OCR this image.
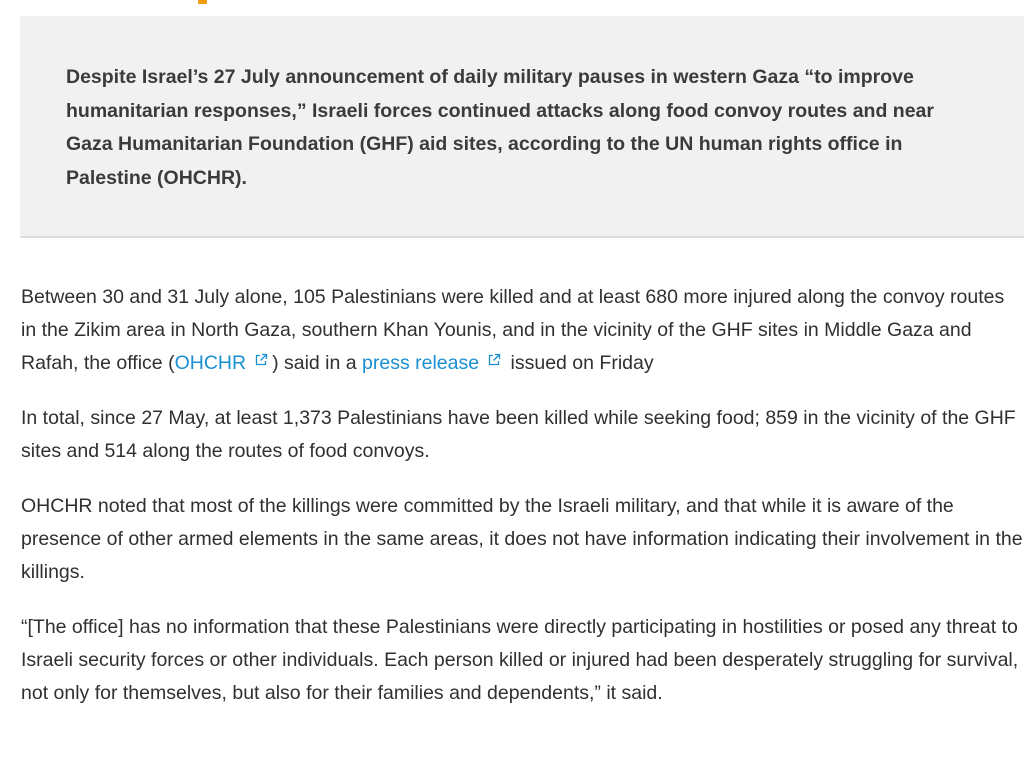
Despite Israel’s 27 July announcement of daily military pauses in western Gaza “to improve humanitarian responses,” Israeli forces continued attacks along food convoy routes and near Gaza Humanitarian Foundation (GHF) aid sites, according to the UN human rights office in Palestine (OHCHR).

Between 30 and 31 July alone, 105 Palestinians were killed and at least 680 more injured along the convoy routes in the Zikim area in North Gaza, southern Khan Younis, and in the vicinity of the GHF sites in Middle Gaza and Rafah, the office (OHCHR ) said in a press release issued on Friday

In total, since 27 May, at least 1,373 Palestinians have been killed while seeking food; 859 in the vicinity of the GHF sites and 514 along the routes of food convoys.

OHCHR noted that most of the killings were committed by the Israeli military, and that while it is aware of the presence of other armed elements in the same areas, it does not have information indicating their involvement in the killings.

“[The office] has no information that these Palestinians were directly participating in hostilities or posed any threat to Israeli security forces or other individuals. Each person killed or injured had been desperately struggling for survival, not only for themselves, but also for their families and dependents,” it said.
